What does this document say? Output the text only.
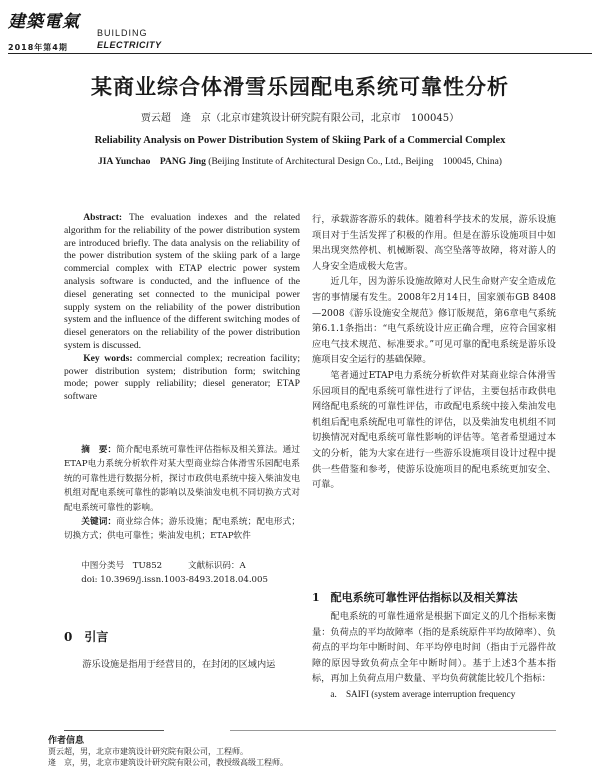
建築電氣
BUILDING
ELECTRICITY
2018年第4期
某商业综合体滑雪乐园配电系统可靠性分析
贾云超　逄　京（北京市建筑设计研究院有限公司，北京市　100045）
Reliability Analysis on Power Distribution System of Skiing Park of a Commercial Complex
JIA Yunchao　PANG Jing (Beijing Institute of Architectural Design Co., Ltd., Beijing　100045, China)

Abstract: The evaluation indexes and the related algorithm for the reliability of the power distribution system are introduced briefly. The data analysis on the reliability of the power distribution system of the skiing park of a large commercial complex with ETAP electric power system analysis software is conducted, and the influence of the diesel generating set connected to the municipal power supply system on the reliability of the power distribution system and the influence of the different switching modes of diesel generators on the reliability of the power distribution system is discussed.

Key words: commercial complex; recreation facility; power distribution system; distribution form; switching mode; power supply reliability; diesel generator; ETAP software

摘　要：简介配电系统可靠性评估指标及相关算法。通过ETAP电力系统分析软件对某大型商业综合体滑雪乐园配电系统的可靠性进行数据分析，探讨市政供电系统中接入柴油发电机组对配电系统可靠性的影响以及柴油发电机不同切换方式对配电系统可靠性的影响。

关键词：商业综合体；游乐设施；配电系统；配电形式；切换方式；供电可靠性；柴油发电机；ETAP软件

中图分类号　TU852　　　	文献标识码：A
doi: 10.3969/j.issn.1003-8493.2018.04.005
0　引言
游乐设施是指用于经营目的，在封闭的区域内运

行，承载游客游乐的载体。随着科学技术的发展，游乐设施项目对于生活发挥了积极的作用。但是在游乐设施项目中如果出现突然停机、机械断裂、高空坠落等故障，将对游人的人身安全造成极大危害。

近几年，因为游乐设施故障对人民生命财产安全造成危害的事情屡有发生。2008年2月14日，国家颁布GB 8408—2008《游乐设施安全规范》修订版规范，第6章电气系统第6.1.1条指出：“电气系统设计应正确合理，应符合国家相应电气技术规范、标准要求。”可见可靠的配电系统是游乐设施项目安全运行的基础保障。

笔者通过ETAP电力系统分析软件对某商业综合体滑雪乐园项目的配电系统可靠性进行了评估，主要包括市政供电网络配电系统的可靠性评估，市政配电系统中接入柴油发电机组后配电系统配电可靠性的评估，以及柴油发电机组不同切换情况对配电系统可靠性影响的评估等。笔者希望通过本文的分析，能为大家在进行一些游乐设施项目设计过程中提供一些借鉴和参考，使游乐设施项目的配电系统更加安全、可靠。

1　配电系统可靠性评估指标以及相关算法

配电系统的可靠性通常是根据下面定义的几个指标来衡量：负荷点的平均故障率（指的是系统原件平均故障率）、负荷点的平均年中断时间、年平均停电时间（指由于元器件故障的原因导致负荷点全年中断时间）。基于上述3个基本指标，再加上负荷点用户数量、平均负荷就能比较几个指标：

a.　SAIFI (system average interruption frequency

作者信息
贾云超，男，北京市建筑设计研究院有限公司，工程师。
逄　京，男，北京市建筑设计研究院有限公司，教授级高级工程师。
